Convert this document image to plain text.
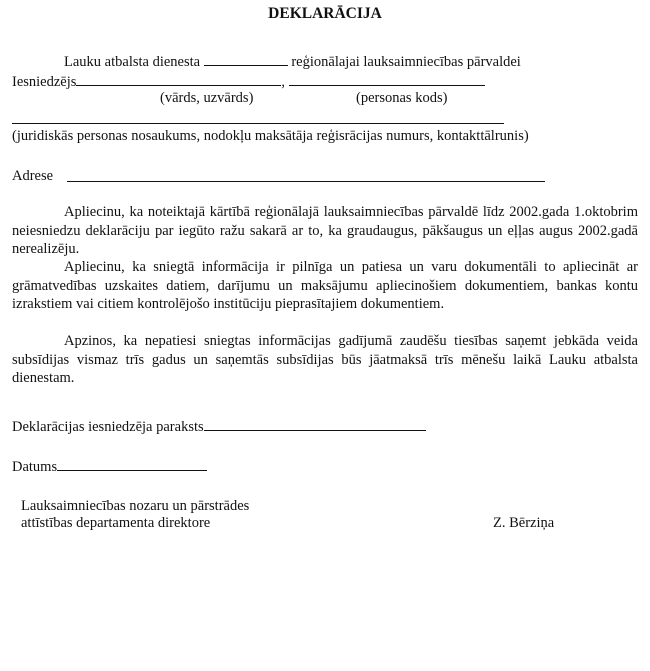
DEKLARĀCIJA
Lauku atbalsta dienesta	reģionālajai lauksaimniecības pārvaldei
Iesniedzējs	,
(vārds, uzvārds)	(personas kods)
(juridiskās personas nosaukums, nodokļu maksātāja reģisrācijas numurs, kontakttālrunis)
Adrese
Apliecinu, ka noteiktajā kārtībā reģionālajā lauksaimniecības pārvaldē līdz 2002.gada 1.oktobrim neiesniedzu deklarāciju par iegūto ražu sakarā ar to, ka graudaugus, pākšaugus un eļļas augus 2002.gadā nerealizēju.
Apliecinu, ka sniegtā informācija ir pilnīga un patiesa un varu dokumentāli to apliecināt ar grāmatvedības uzskaites datiem, darījumu un maksājumu apliecinošiem dokumentiem, bankas kontu izrakstiem vai citiem kontrolējošo institūciju pieprasītajiem dokumentiem.
Apzinos, ka nepatiesi sniegtas informācijas gadījumā zaudēšu tiesības saņemt jebkāda veida subsīdijas vismaz trīs gadus un saņemtās subsīdijas būs jāatmaksā trīs mēnešu laikā Lauku atbalsta dienestam.
Deklarācijas iesniedzēja paraksts
Datums
Lauksaimniecības nozaru un pārstrādes
attīstības departamenta direktore	Z. Bērziņa
